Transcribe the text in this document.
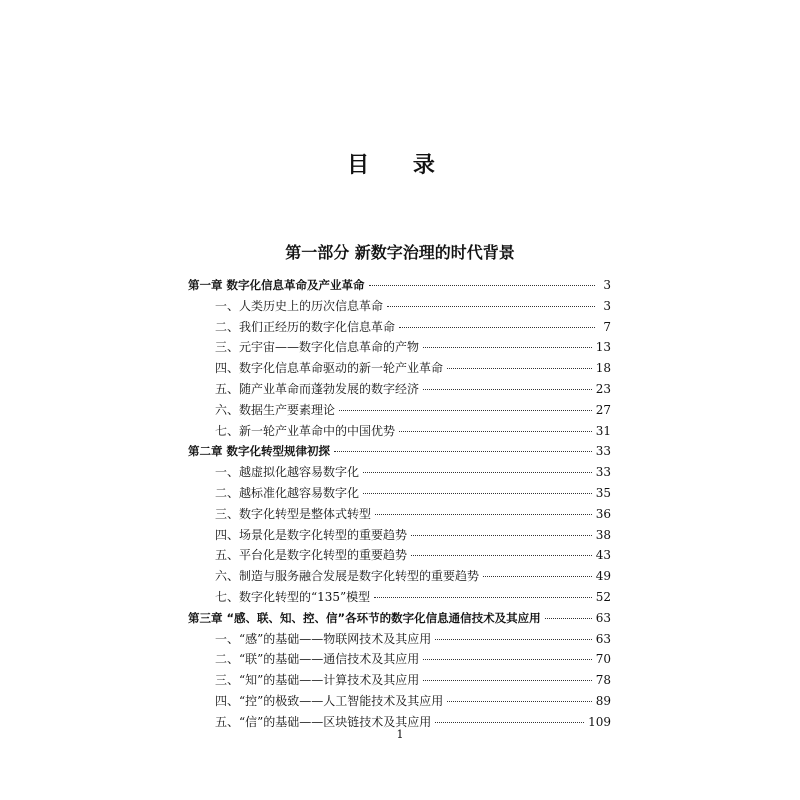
目 录
第一部分 新数字治理的时代背景
第一章 数字化信息革命及产业革命	3
一、人类历史上的历次信息革命	3
二、我们正经历的数字化信息革命	7
三、元宇宙——数字化信息革命的产物	13
四、数字化信息革命驱动的新一轮产业革命	18
五、随产业革命而蓬勃发展的数字经济	23
六、数据生产要素理论	27
七、新一轮产业革命中的中国优势	31
第二章 数字化转型规律初探	33
一、越虚拟化越容易数字化	33
二、越标准化越容易数字化	35
三、数字化转型是整体式转型	36
四、场景化是数字化转型的重要趋势	38
五、平台化是数字化转型的重要趋势	43
六、制造与服务融合发展是数字化转型的重要趋势	49
七、数字化转型的“135”模型	52
第三章 “感、联、知、控、信”各环节的数字化信息通信技术及其应用	63
一、“感”的基础——物联网技术及其应用	63
二、“联”的基础——通信技术及其应用	70
三、“知”的基础——计算技术及其应用	78
四、“控”的极致——人工智能技术及其应用	89
五、“信”的基础——区块链技术及其应用	109
1
